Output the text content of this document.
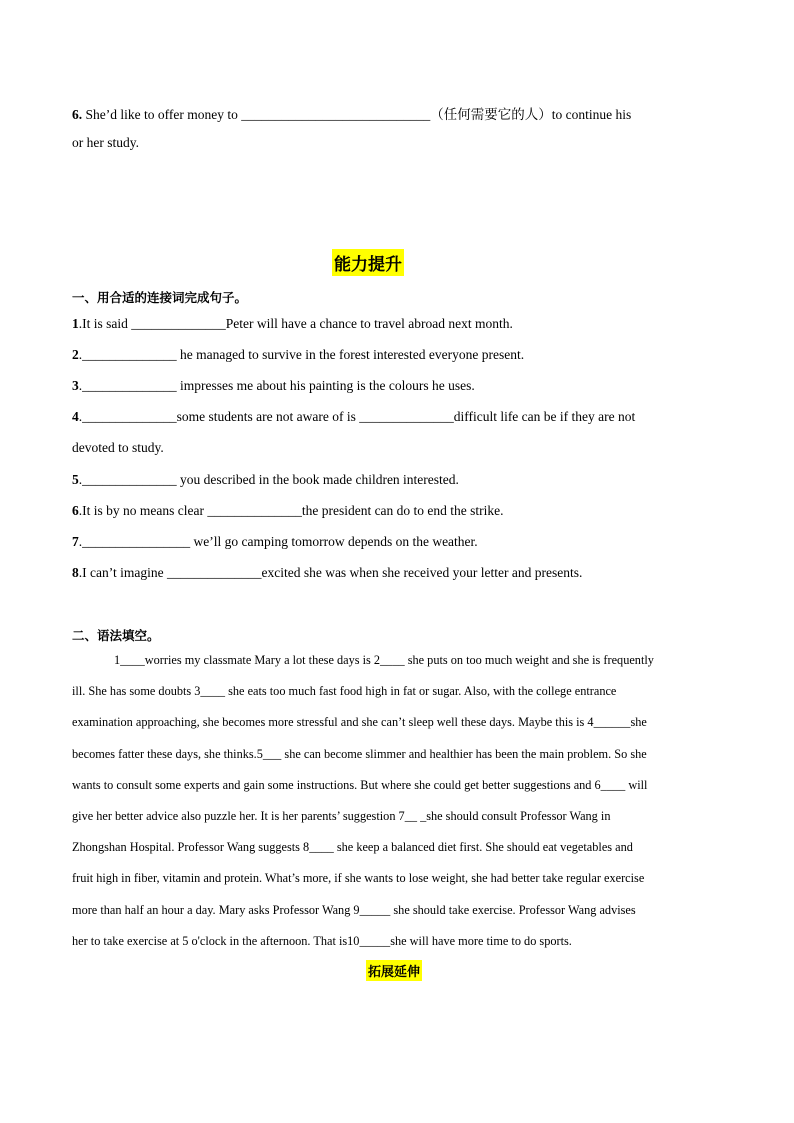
6. She’d like to offer money to ____________________________（任何需要它的人）to continue his
or her study.
能力提升
一、用合适的连接词完成句子。
1.It is said ______________Peter will have a chance to travel abroad next month.
2.______________ he managed to survive in the forest interested everyone present.
3.______________ impresses me about his painting is the colours he uses.
4.______________some students are not aware of is ______________difficult life can be if they are not
devoted to study.
5.______________ you described in the book made children interested.
6.It is by no means clear ______________the president can do to end the strike.
7.________________ we’ll go camping tomorrow depends on the weather.
8.I can’t imagine ______________excited she was when she received your letter and presents.
二、语法填空。
1____worries my classmate Mary a lot these days is 2____ she puts on too much weight and she is frequently
ill. She has some doubts 3____ she eats too much fast food high in fat or sugar. Also, with the college entrance
examination approaching, she becomes more stressful and she can’t sleep well these days. Maybe this is 4______she
becomes fatter these days, she thinks.5___ she can become slimmer and healthier has been the main problem. So she
wants to consult some experts and gain some instructions. But where she could get better suggestions and 6____ will
give her better advice also puzzle her. It is her parents’ suggestion 7__ _she should consult Professor Wang in
Zhongshan Hospital. Professor Wang suggests 8____ she keep a balanced diet first. She should eat vegetables and
fruit high in fiber, vitamin and protein. What’s more, if she wants to lose weight, she had better take regular exercise
more than half an hour a day. Mary asks Professor Wang 9_____ she should take exercise. Professor Wang advises
her to take exercise at 5 o'clock in the afternoon. That is10_____she will have more time to do sports.
拓展延伸
